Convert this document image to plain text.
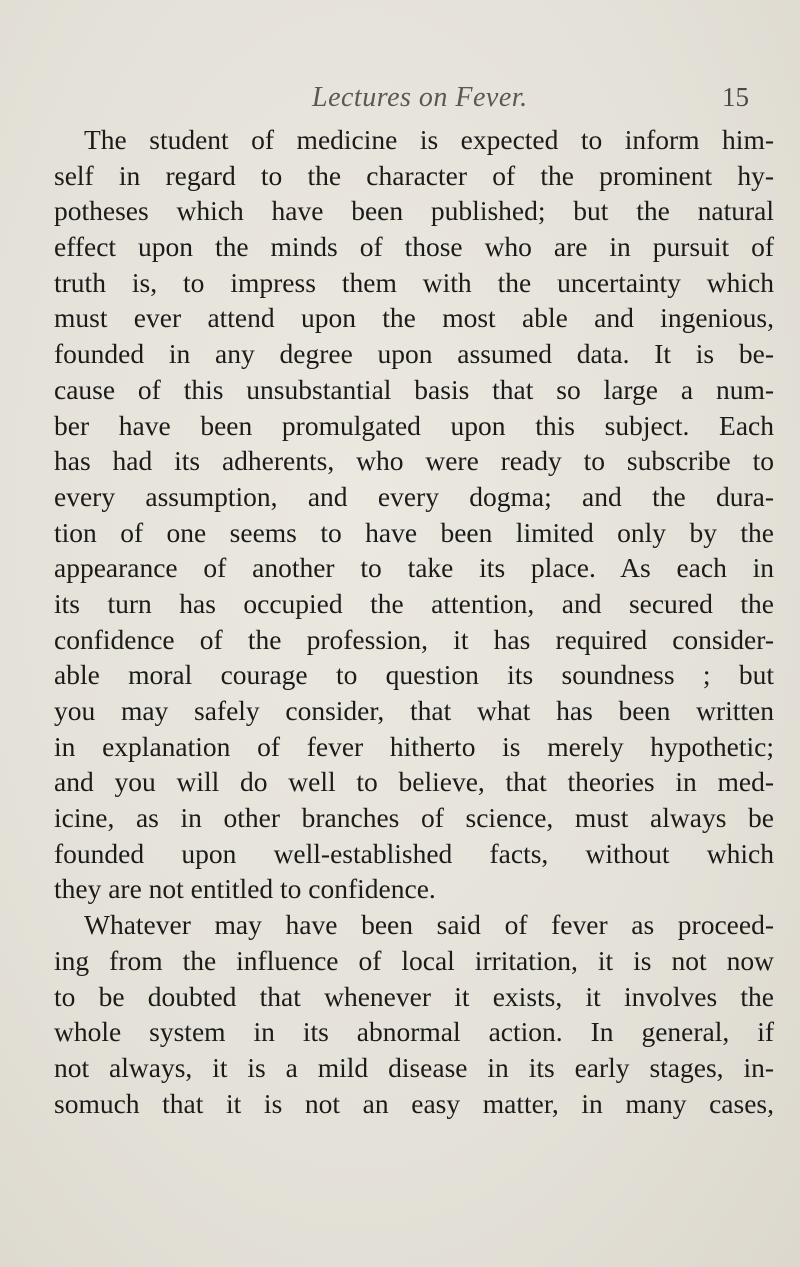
Lectures on Fever.	15
The student of medicine is expected to inform him-
self in regard to the character of the prominent hy-
potheses which have been published; but the natural
effect upon the minds of those who are in pursuit of
truth is, to impress them with the uncertainty which
must ever attend upon the most able and ingenious,
founded in any degree upon assumed data. It is be-
cause of this unsubstantial basis that so large a num-
ber have been promulgated upon this subject. Each
has had its adherents, who were ready to subscribe to
every assumption, and every dogma; and the dura-
tion of one seems to have been limited only by the
appearance of another to take its place. As each in
its turn has occupied the attention, and secured the
confidence of the profession, it has required consider-
able moral courage to question its soundness ; but
you may safely consider, that what has been written
in explanation of fever hitherto is merely hypothetic;
and you will do well to believe, that theories in med-
icine, as in other branches of science, must always be
founded upon well-established facts, without which
they are not entitled to confidence.
Whatever may have been said of fever as proceed-
ing from the influence of local irritation, it is not now
to be doubted that whenever it exists, it involves the
whole system in its abnormal action. In general, if
not always, it is a mild disease in its early stages, in-
somuch that it is not an easy matter, in many cases,
